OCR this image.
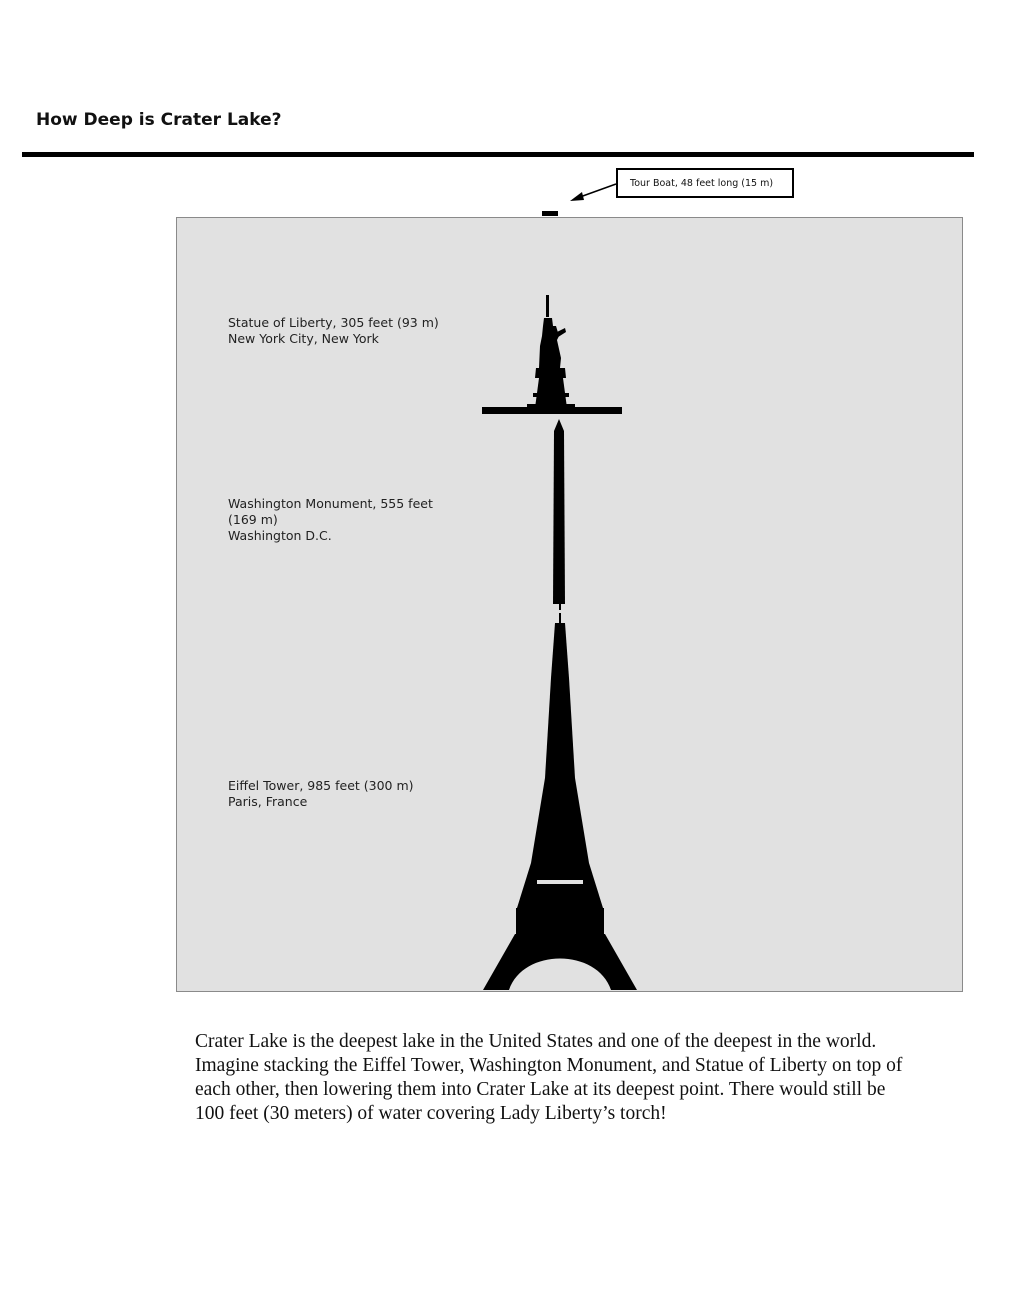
How Deep is Crater Lake?
Tour Boat, 48 feet long (15 m)
Statue of Liberty, 305 feet (93 m)
New York City, New York
Washington Monument, 555 feet
(169 m)
Washington D.C.
Eiffel Tower, 985 feet (300 m)
Paris, France
Crater Lake is the deepest lake in the United States and one of the deepest in the world. Imagine stacking the Eiffel Tower, Washington Monument, and Statue of Liberty on top of each other, then lowering them into Crater Lake at its deepest point. There would still be 100 feet (30 meters) of water covering Lady Liberty’s torch!
